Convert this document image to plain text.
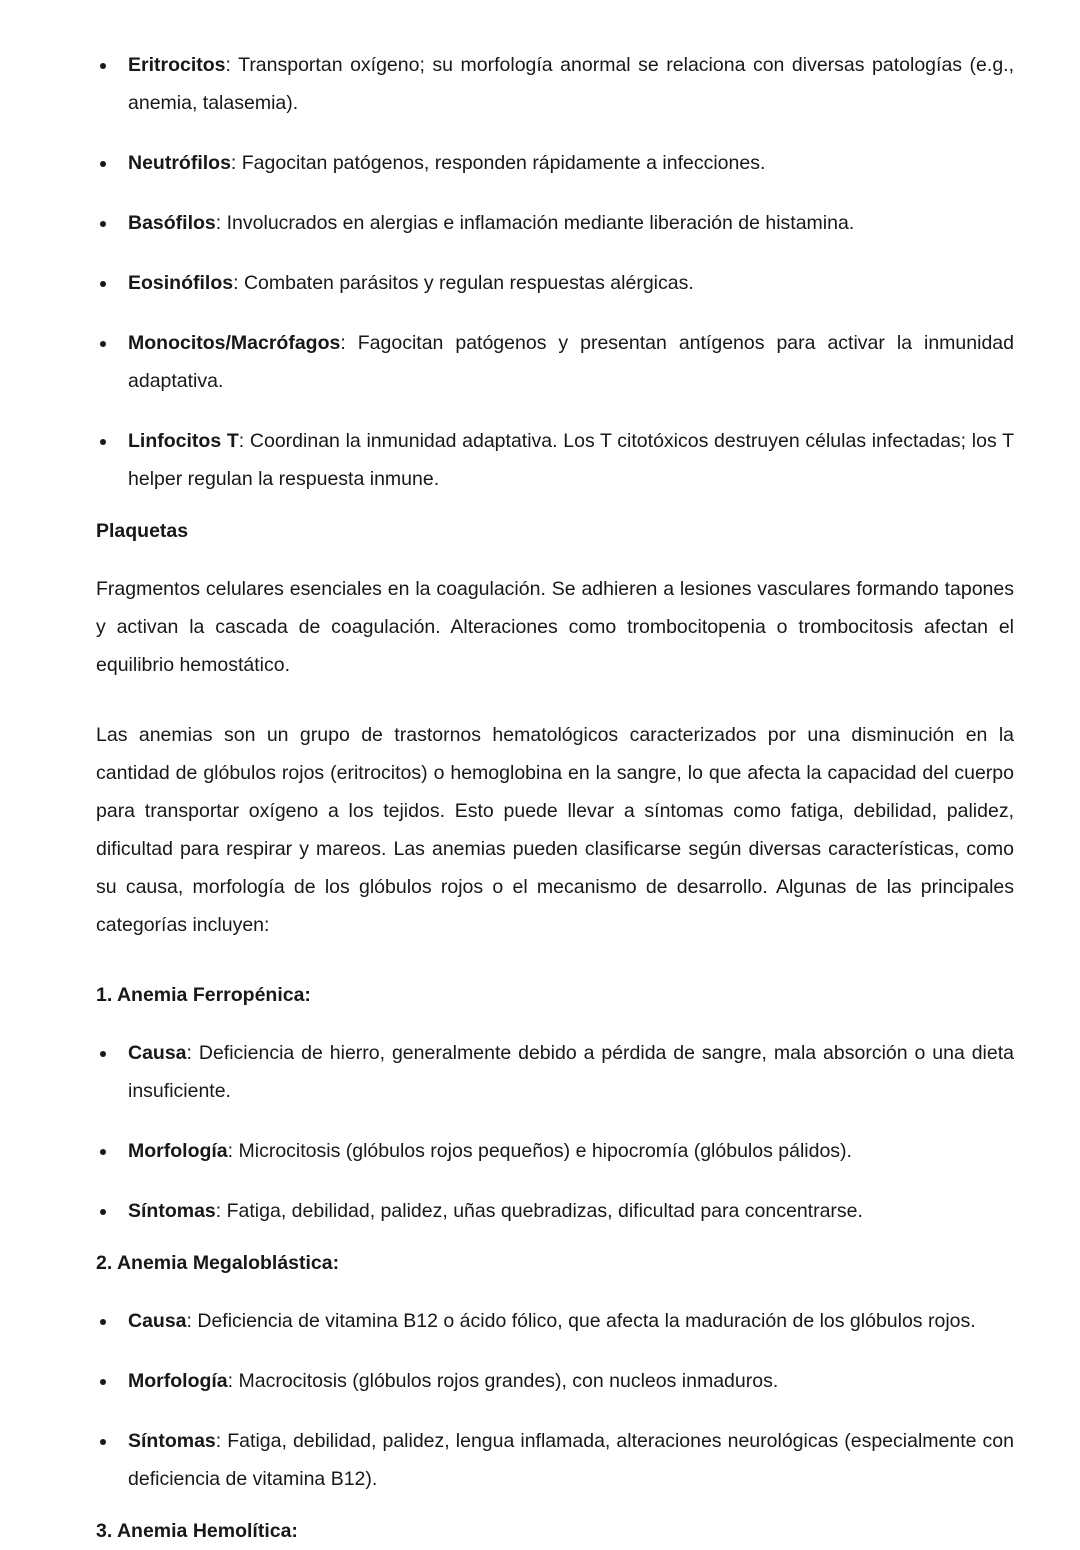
Eritrocitos: Transportan oxígeno; su morfología anormal se relaciona con diversas patologías (e.g., anemia, talasemia).
Neutrófilos: Fagocitan patógenos, responden rápidamente a infecciones.
Basófilos: Involucrados en alergias e inflamación mediante liberación de histamina.
Eosinófilos: Combaten parásitos y regulan respuestas alérgicas.
Monocitos/Macrófagos: Fagocitan patógenos y presentan antígenos para activar la inmunidad adaptativa.
Linfocitos T: Coordinan la inmunidad adaptativa. Los T citotóxicos destruyen células infectadas; los T helper regulan la respuesta inmune.
Plaquetas

Fragmentos celulares esenciales en la coagulación. Se adhieren a lesiones vasculares formando tapones y activan la cascada de coagulación. Alteraciones como trombocitopenia o trombocitosis afectan el equilibrio hemostático.

Las anemias son un grupo de trastornos hematológicos caracterizados por una disminución en la cantidad de glóbulos rojos (eritrocitos) o hemoglobina en la sangre, lo que afecta la capacidad del cuerpo para transportar oxígeno a los tejidos. Esto puede llevar a síntomas como fatiga, debilidad, palidez, dificultad para respirar y mareos. Las anemias pueden clasificarse según diversas características, como su causa, morfología de los glóbulos rojos o el mecanismo de desarrollo. Algunas de las principales categorías incluyen:

1. Anemia Ferropénica:
Causa: Deficiencia de hierro, generalmente debido a pérdida de sangre, mala absorción o una dieta insuficiente.
Morfología: Microcitosis (glóbulos rojos pequeños) e hipocromía (glóbulos pálidos).
Síntomas: Fatiga, debilidad, palidez, uñas quebradizas, dificultad para concentrarse.
2. Anemia Megaloblástica:
Causa: Deficiencia de vitamina B12 o ácido fólico, que afecta la maduración de los glóbulos rojos.
Morfología: Macrocitosis (glóbulos rojos grandes), con nucleos inmaduros.
Síntomas: Fatiga, debilidad, palidez, lengua inflamada, alteraciones neurológicas (especialmente con deficiencia de vitamina B12).
3. Anemia Hemolítica:
